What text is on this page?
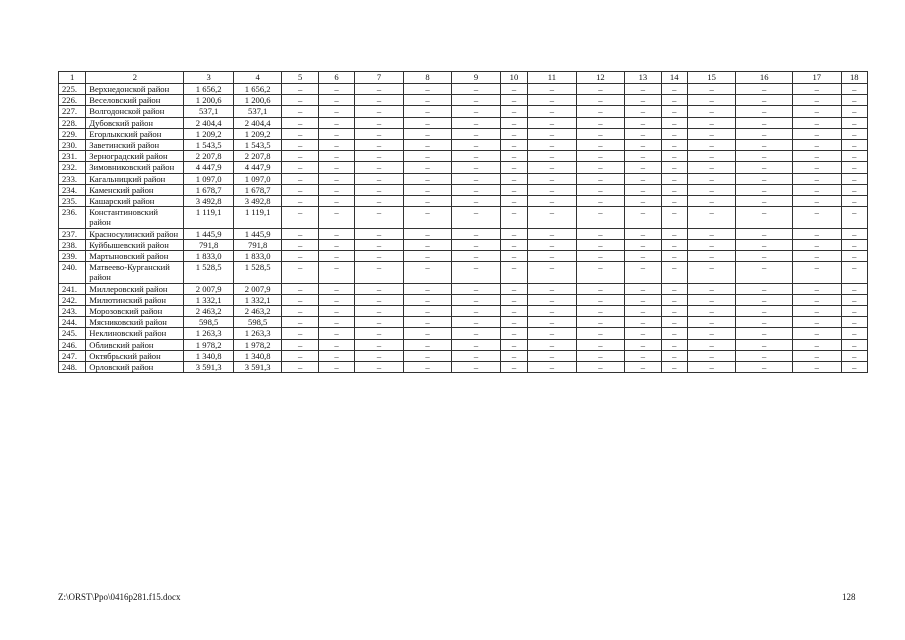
1	2	3	4	5	6	7	8	9	10	11	12	13	14	15	16	17	18
225.	Верхнедонской район	1 656,2	1 656,2	–	–	–	–	–	–	–	–	–	–	–	–	–	–
226.	Веселовский район	1 200,6	1 200,6	–	–	–	–	–	–	–	–	–	–	–	–	–	–
227.	Волгодонской район	537,1	537,1	–	–	–	–	–	–	–	–	–	–	–	–	–	–
228.	Дубовский район	2 404,4	2 404,4	–	–	–	–	–	–	–	–	–	–	–	–	–	–
229.	Егорлыкский район	1 209,2	1 209,2	–	–	–	–	–	–	–	–	–	–	–	–	–	–
230.	Заветинский район	1 543,5	1 543,5	–	–	–	–	–	–	–	–	–	–	–	–	–	–
231.	Зерноградский район	2 207,8	2 207,8	–	–	–	–	–	–	–	–	–	–	–	–	–	–
232.	Зимовниковский район	4 447,9	4 447,9	–	–	–	–	–	–	–	–	–	–	–	–	–	–
233.	Кагальницкий район	1 097,0	1 097,0	–	–	–	–	–	–	–	–	–	–	–	–	–	–
234.	Каменский район	1 678,7	1 678,7	–	–	–	–	–	–	–	–	–	–	–	–	–	–
235.	Кашарский район	3 492,8	3 492,8	–	–	–	–	–	–	–	–	–	–	–	–	–	–
236.	Константиновский район	1 119,1	1 119,1	–	–	–	–	–	–	–	–	–	–	–	–	–	–
237.	Красносулинский район	1 445,9	1 445,9	–	–	–	–	–	–	–	–	–	–	–	–	–	–
238.	Куйбышевский район	791,8	791,8	–	–	–	–	–	–	–	–	–	–	–	–	–	–
239.	Мартыновский район	1 833,0	1 833,0	–	–	–	–	–	–	–	–	–	–	–	–	–	–
240.	Матвеево-Курганский район	1 528,5	1 528,5	–	–	–	–	–	–	–	–	–	–	–	–	–	–
241.	Миллеровский район	2 007,9	2 007,9	–	–	–	–	–	–	–	–	–	–	–	–	–	–
242.	Милютинский район	1 332,1	1 332,1	–	–	–	–	–	–	–	–	–	–	–	–	–	–
243.	Морозовский район	2 463,2	2 463,2	–	–	–	–	–	–	–	–	–	–	–	–	–	–
244.	Мясниковский район	598,5	598,5	–	–	–	–	–	–	–	–	–	–	–	–	–	–
245.	Неклиновский район	1 263,3	1 263,3	–	–	–	–	–	–	–	–	–	–	–	–	–	–
246.	Обливский район	1 978,2	1 978,2	–	–	–	–	–	–	–	–	–	–	–	–	–	–
247.	Октябрьский район	1 340,8	1 340,8	–	–	–	–	–	–	–	–	–	–	–	–	–	–
248.	Орловский район	3 591,3	3 591,3	–	–	–	–	–	–	–	–	–	–	–	–	–	–
Z:\ORST\Ppo\0416p281.f15.docx	128
